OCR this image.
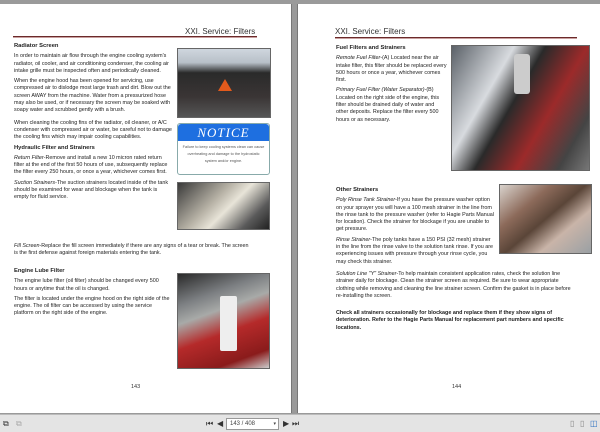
XXI. Service: Filters
Radiator Screen

In order to maintain air flow through the engine cooling system's radiator, oil cooler, and air conditioning condenser, the cooling air intake grille must be inspected often and periodically cleaned.

When the engine hood has been opened for servicing, use compressed air to dislodge most large trash and dirt. Blow out the screen AWAY from the machine. Water from a pressurized hose may also be used, or if necessary the screen may be soaked with soapy water and scrubbed gently with a brush.

When cleaning the cooling fins of the radiator, oil cleaner, or A/C condenser with compressed air or water, be careful not to damage the cooling fins which may impair cooling capabilities.

Hydraulic Filter and Strainers

Return Filter-Remove and install a new 10 micron rated return filter at the end of the first 50 hours of use, subsequently replace the filter every 250 hours, or once a year, whichever comes first.

Suction Strainers-The suction strainers located inside of the tank should be examined for wear and blockage when the tank is empty for fluid service.

Fill Screen-Replace the fill screen immediately if there are any signs of a tear or break. The screen is the first defense against foreign materials entering the tank.

Engine Lube Filter

The engine lube filter (oil filter) should be changed every 500 hours or anytime that the oil is changed.

The filter is located under the engine hood on the right side of the engine. The oil filter can be accessed by using the service platform on the right side of the engine.

NOTICE
Failure to keep cooling systems clean can cause overheating and damage to the hydrostatic system and/or engine.
143
XXI. Service: Filters
Fuel Filters and Strainers

Remote Fuel Filter-(A) Located near the air intake filter, this filter should be replaced every 500 hours or once a year, whichever comes first.

Primary Fuel Filter (Water Separator)-(B) Located on the right side of the engine, this filter should be drained daily of water and other deposits. Replace the filter every 500 hours or as necessary.

Other Strainers

Poly Rinse Tank Strainer-If you have the pressure washer option on your sprayer you will have a 100 mesh strainer in the line from the rinse tank to the pressure washer (refer to Hagie Parts Manual for location). Check the strainer for blockage if you are unable to get pressure.

Rinse Strainer-The poly tanks have a 150 PSI (32 mesh) strainer in the line from the rinse valve to the solution tank rinse. If you are experiencing issues with pressure through your rinse cycle, you may check this strainer.

Solution Line "Y" Strainer-To help maintain consistent application rates, check the solution line strainer daily for blockage. Clean the strainer screen as required. Be sure to wear appropriate clothing while removing and cleaning the line strainer screen. Confirm the gasket is in place before re-installing the screen.

Check all strainers occasionally for blockage and replace them if they show signs of deterioration. Refer to the Hagie Parts Manual for replacement part numbers and specific locations.

144
⧉ ⧉	⏮ ◀	143 / 408	▾ ▶ ⏭	▯ ▯ ◫
